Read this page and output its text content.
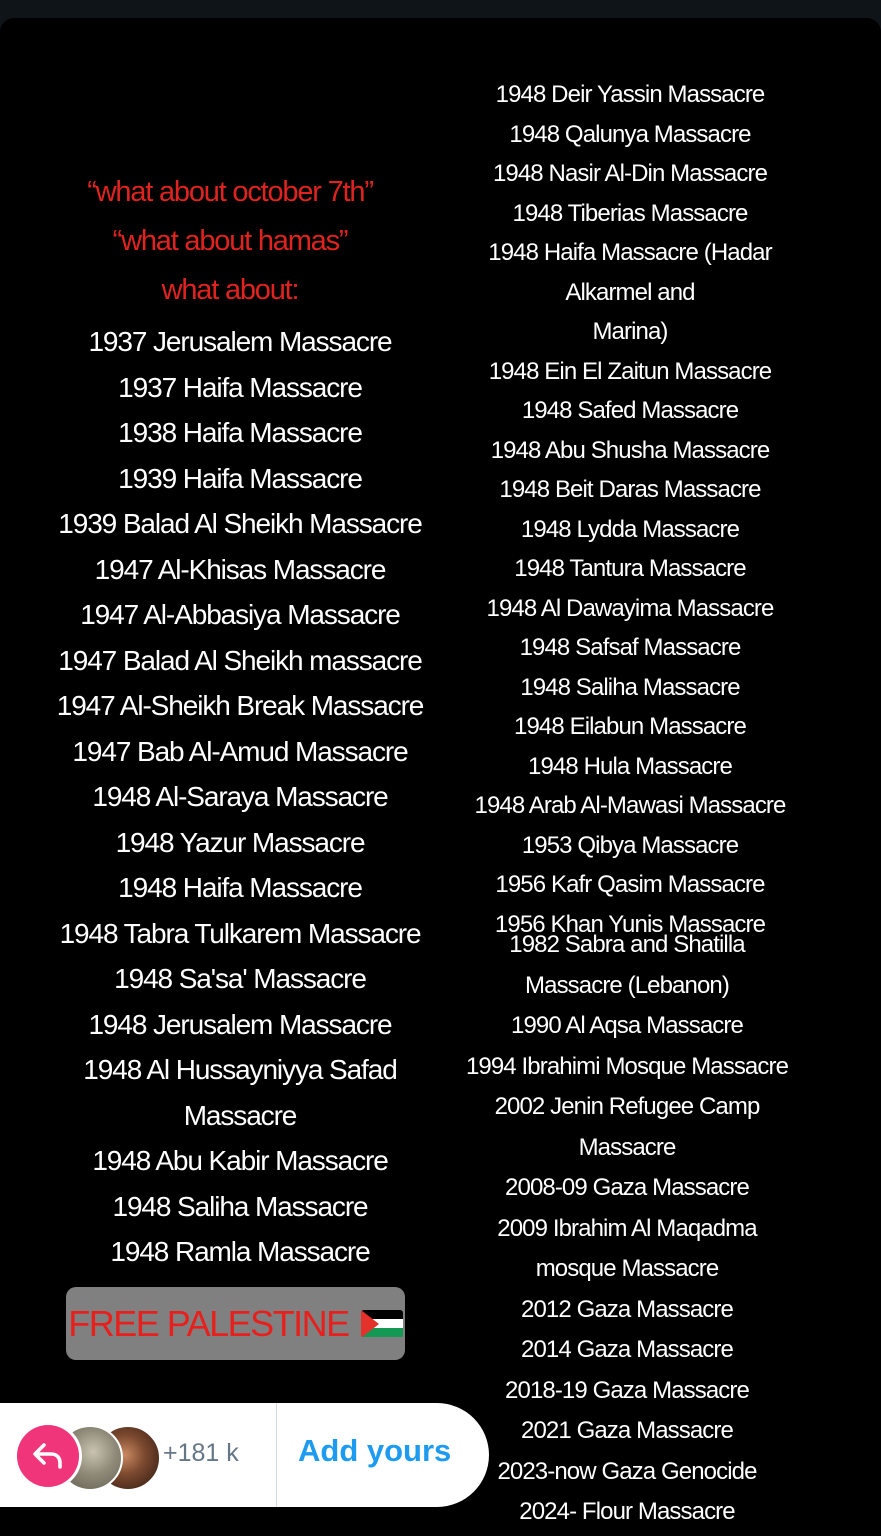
“what about october 7th”
“what about hamas”
what about:
1937 Jerusalem Massacre
1937 Haifa Massacre
1938 Haifa Massacre
1939 Haifa Massacre
1939 Balad Al Sheikh Massacre
1947 Al-Khisas Massacre
1947 Al-Abbasiya Massacre
1947 Balad Al Sheikh massacre
1947 Al-Sheikh Break Massacre
1947 Bab Al-Amud Massacre
1948 Al-Saraya Massacre
1948 Yazur Massacre
1948 Haifa Massacre
1948 Tabra Tulkarem Massacre
1948 Sa'sa' Massacre
1948 Jerusalem Massacre
1948 Al Hussayniyya Safad
Massacre
1948 Abu Kabir Massacre
1948 Saliha Massacre
1948 Ramla Massacre
1948 Deir Yassin Massacre
1948 Qalunya Massacre
1948 Nasir Al-Din Massacre
1948 Tiberias Massacre
1948 Haifa Massacre (Hadar
Alkarmel and
Marina)
1948 Ein El Zaitun Massacre
1948 Safed Massacre
1948 Abu Shusha Massacre
1948 Beit Daras Massacre
1948 Lydda Massacre
1948 Tantura Massacre
1948 Al Dawayima Massacre
1948 Safsaf Massacre
1948 Saliha Massacre
1948 Eilabun Massacre
1948 Hula Massacre
1948 Arab Al-Mawasi Massacre
1953 Qibya Massacre
1956 Kafr Qasim Massacre
1956 Khan Yunis Massacre
1982 Sabra and Shatilla
Massacre (Lebanon)
1990 Al Aqsa Massacre
1994 Ibrahimi Mosque Massacre
2002 Jenin Refugee Camp
Massacre
2008-09 Gaza Massacre
2009 Ibrahim Al Maqadma
mosque Massacre
2012 Gaza Massacre
2014 Gaza Massacre
2018-19 Gaza Massacre
2021 Gaza Massacre
2023-now Gaza Genocide
2024- Flour Massacre
FREE PALESTINE
+181 k Add yours
